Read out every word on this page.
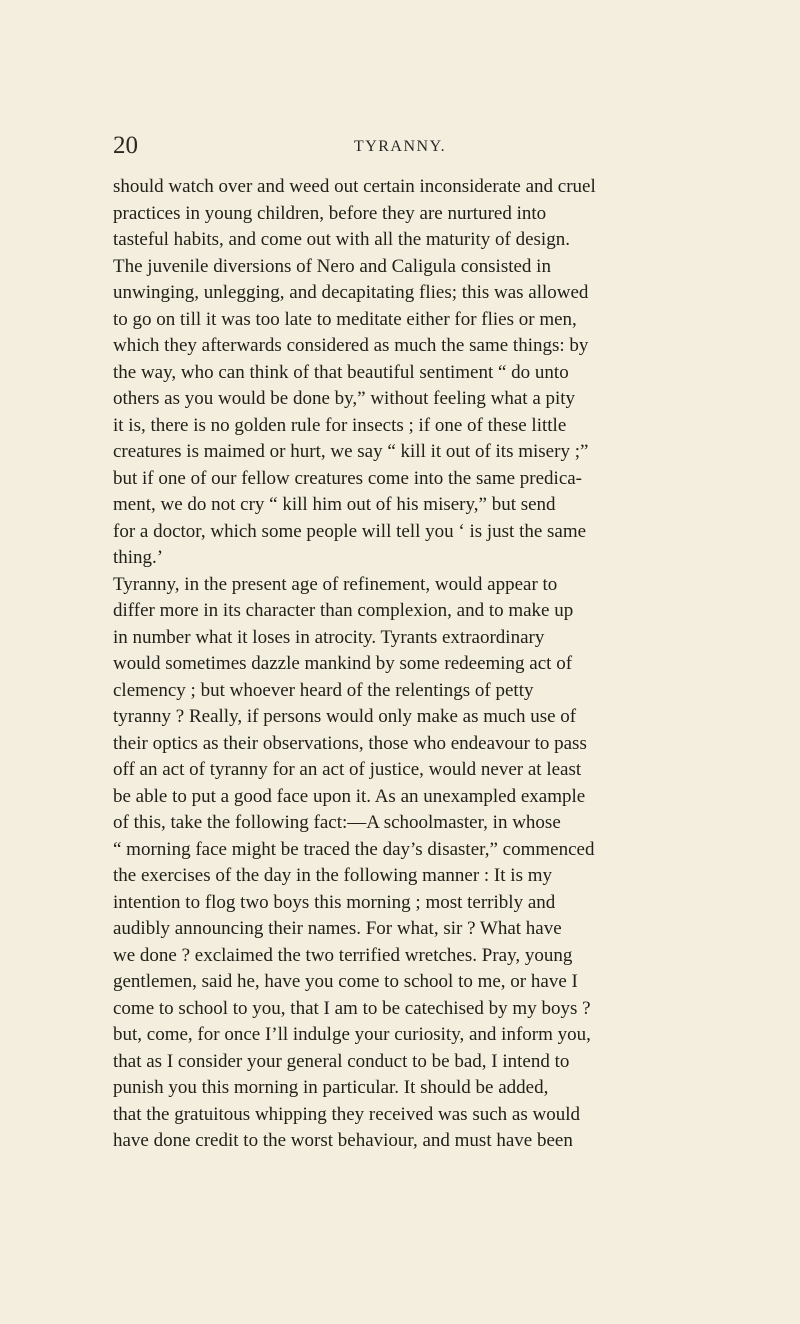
20	TYRANNY.
should watch over and weed out certain inconsiderate and cruel
practices in young children, before they are nurtured into
tasteful habits, and come out with all the maturity of design.
The juvenile diversions of Nero and Caligula consisted in
unwinging, unlegging, and decapitating flies; this was allowed
to go on till it was too late to meditate either for flies or men,
which they afterwards considered as much the same things: by
the way, who can think of that beautiful sentiment “ do unto
others as you would be done by,” without feeling what a pity
it is, there is no golden rule for insects ; if one of these little
creatures is maimed or hurt, we say “ kill it out of its misery ;”
but if one of our fellow creatures come into the same predica-
ment, we do not cry “ kill him out of his misery,” but send
for a doctor, which some people will tell you ‘ is just the same
thing.’
Tyranny, in the present age of refinement, would appear to
differ more in its character than complexion, and to make up
in number what it loses in atrocity. Tyrants extraordinary
would sometimes dazzle mankind by some redeeming act of
clemency ; but whoever heard of the relentings of petty
tyranny ? Really, if persons would only make as much use of
their optics as their observations, those who endeavour to pass
off an act of tyranny for an act of justice, would never at least
be able to put a good face upon it. As an unexampled example
of this, take the following fact:—A schoolmaster, in whose
“ morning face might be traced the day’s disaster,” commenced
the exercises of the day in the following manner : It is my
intention to flog two boys this morning ; most terribly and
audibly announcing their names. For what, sir ? What have
we done ? exclaimed the two terrified wretches. Pray, young
gentlemen, said he, have you come to school to me, or have I
come to school to you, that I am to be catechised by my boys ?
but, come, for once I’ll indulge your curiosity, and inform you,
that as I consider your general conduct to be bad, I intend to
punish you this morning in particular. It should be added,
that the gratuitous whipping they received was such as would
have done credit to the worst behaviour, and must have been
